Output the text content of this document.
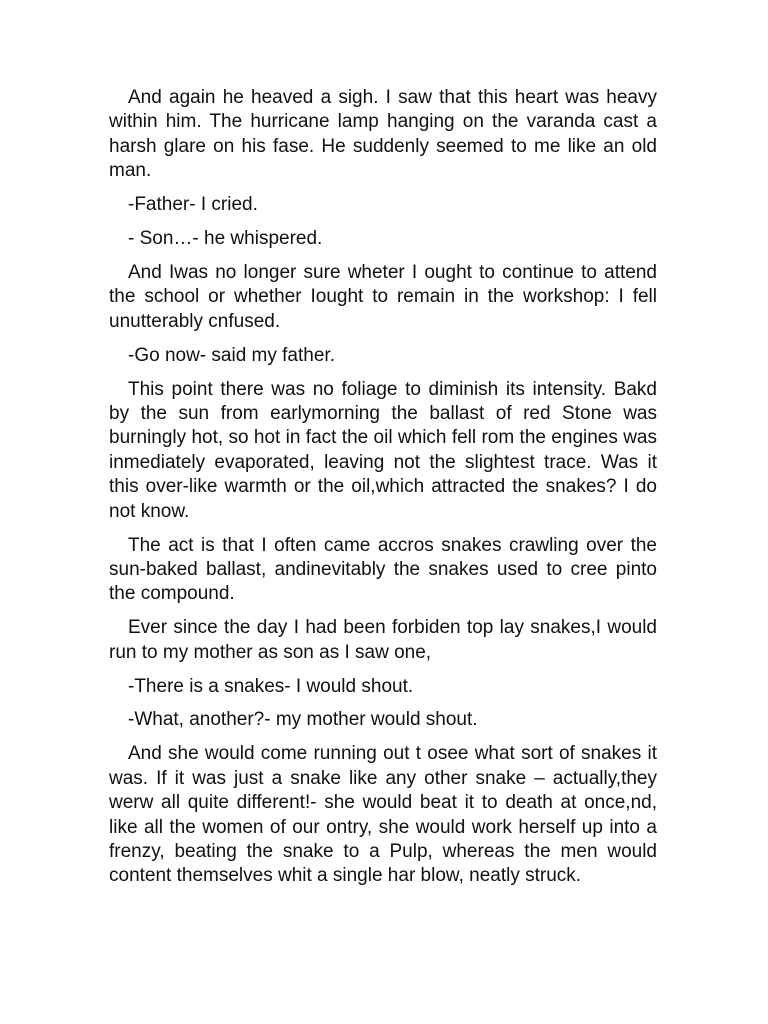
And again he heaved a sigh. I saw that this heart was heavy within him. The hurricane lamp hanging on the varanda cast a harsh glare on his fase. He suddenly seemed to me like an old man.

-Father- I cried.

- Son…- he whispered.

And Iwas no longer sure wheter I ought to continue to attend the school or whether Iought to remain in the workshop: I fell unutterably cnfused.

-Go now- said my father.

This point there was no foliage to diminish its intensity. Bakd by the sun from earlymorning the ballast of red Stone was burningly hot, so hot in fact the oil which fell rom the engines was inmediately evaporated, leaving not the slightest trace. Was it this over-like warmth or the oil,which attracted the snakes? I do not know.

The act is that I often came accros snakes crawling over the sun-baked ballast, andinevitably the snakes used to cree pinto the compound.

Ever since the day I had been forbiden top lay snakes,I would run to my mother as son as I saw one,

-There is a snakes- I would shout.

-What, another?- my mother would shout.

And she would come running out t osee what sort of snakes it was. If it was just a snake like any other snake – actually,they werw all quite different!- she would beat it to death at once,nd, like all the women of our ontry, she would work herself up into a frenzy, beating the snake to a Pulp, whereas the men would content themselves whit a single har blow, neatly struck.
